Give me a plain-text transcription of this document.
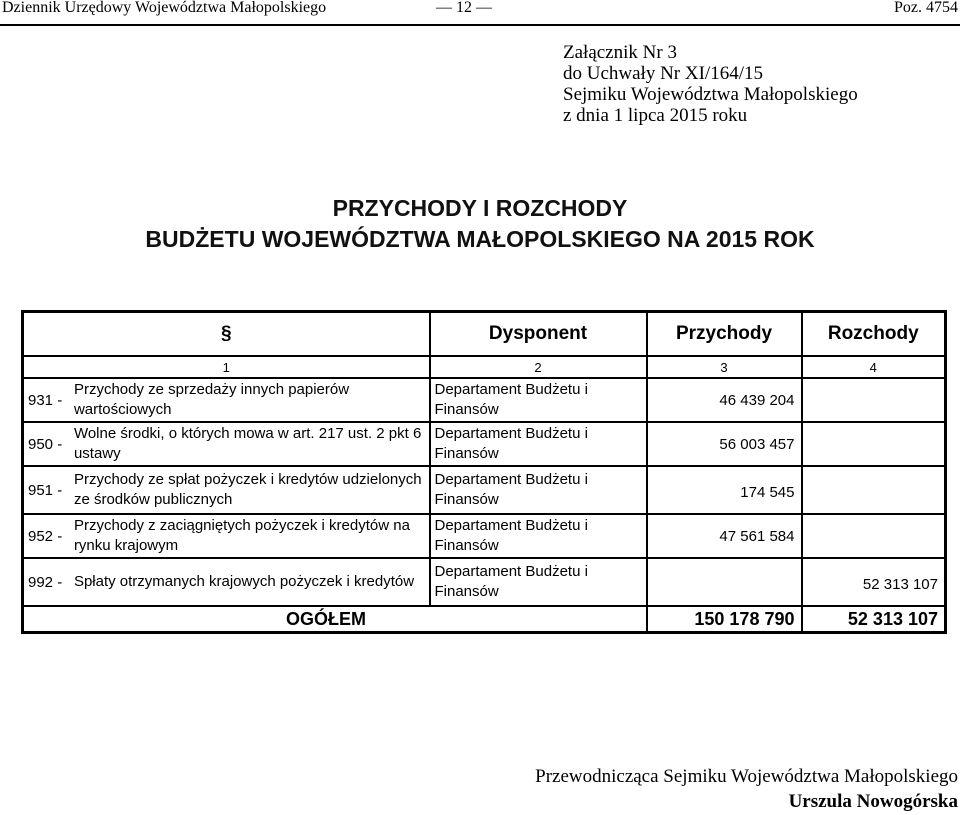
Dziennik Urzędowy Województwa Małopolskiego	— 12 —	Poz. 4754
Załącznik Nr 3
do Uchwały Nr XI/164/15
Sejmiku Województwa Małopolskiego
z dnia 1 lipca 2015 roku
PRZYCHODY I ROZCHODY
BUDŻETU WOJEWÓDZTWA MAŁOPOLSKIEGO NA 2015 ROK
§	Dysponent	Przychody	Rozchody
1	2	3	4

931 -
Przychody ze sprzedaży innych papierów wartościowych	Departament Budżetu i Finansów	46 439 204	

950 -
Wolne środki, o których mowa w art. 217 ust. 2 pkt 6 ustawy	Departament Budżetu i Finansów	56 003 457	

951 -
Przychody ze spłat pożyczek i kredytów udzielonych ze środków publicznych	Departament Budżetu i Finansów	174 545	

952 -
Przychody z zaciągniętych pożyczek i kredytów na rynku krajowym	Departament Budżetu i Finansów	47 561 584	

992 - Spłaty otrzymanych krajowych pożyczek i kredytów	Departament Budżetu i Finansów		52 313 107
OGÓŁEM		150 178 790	52 313 107
Przewodnicząca Sejmiku Województwa Małopolskiego
Urszula Nowogórska
